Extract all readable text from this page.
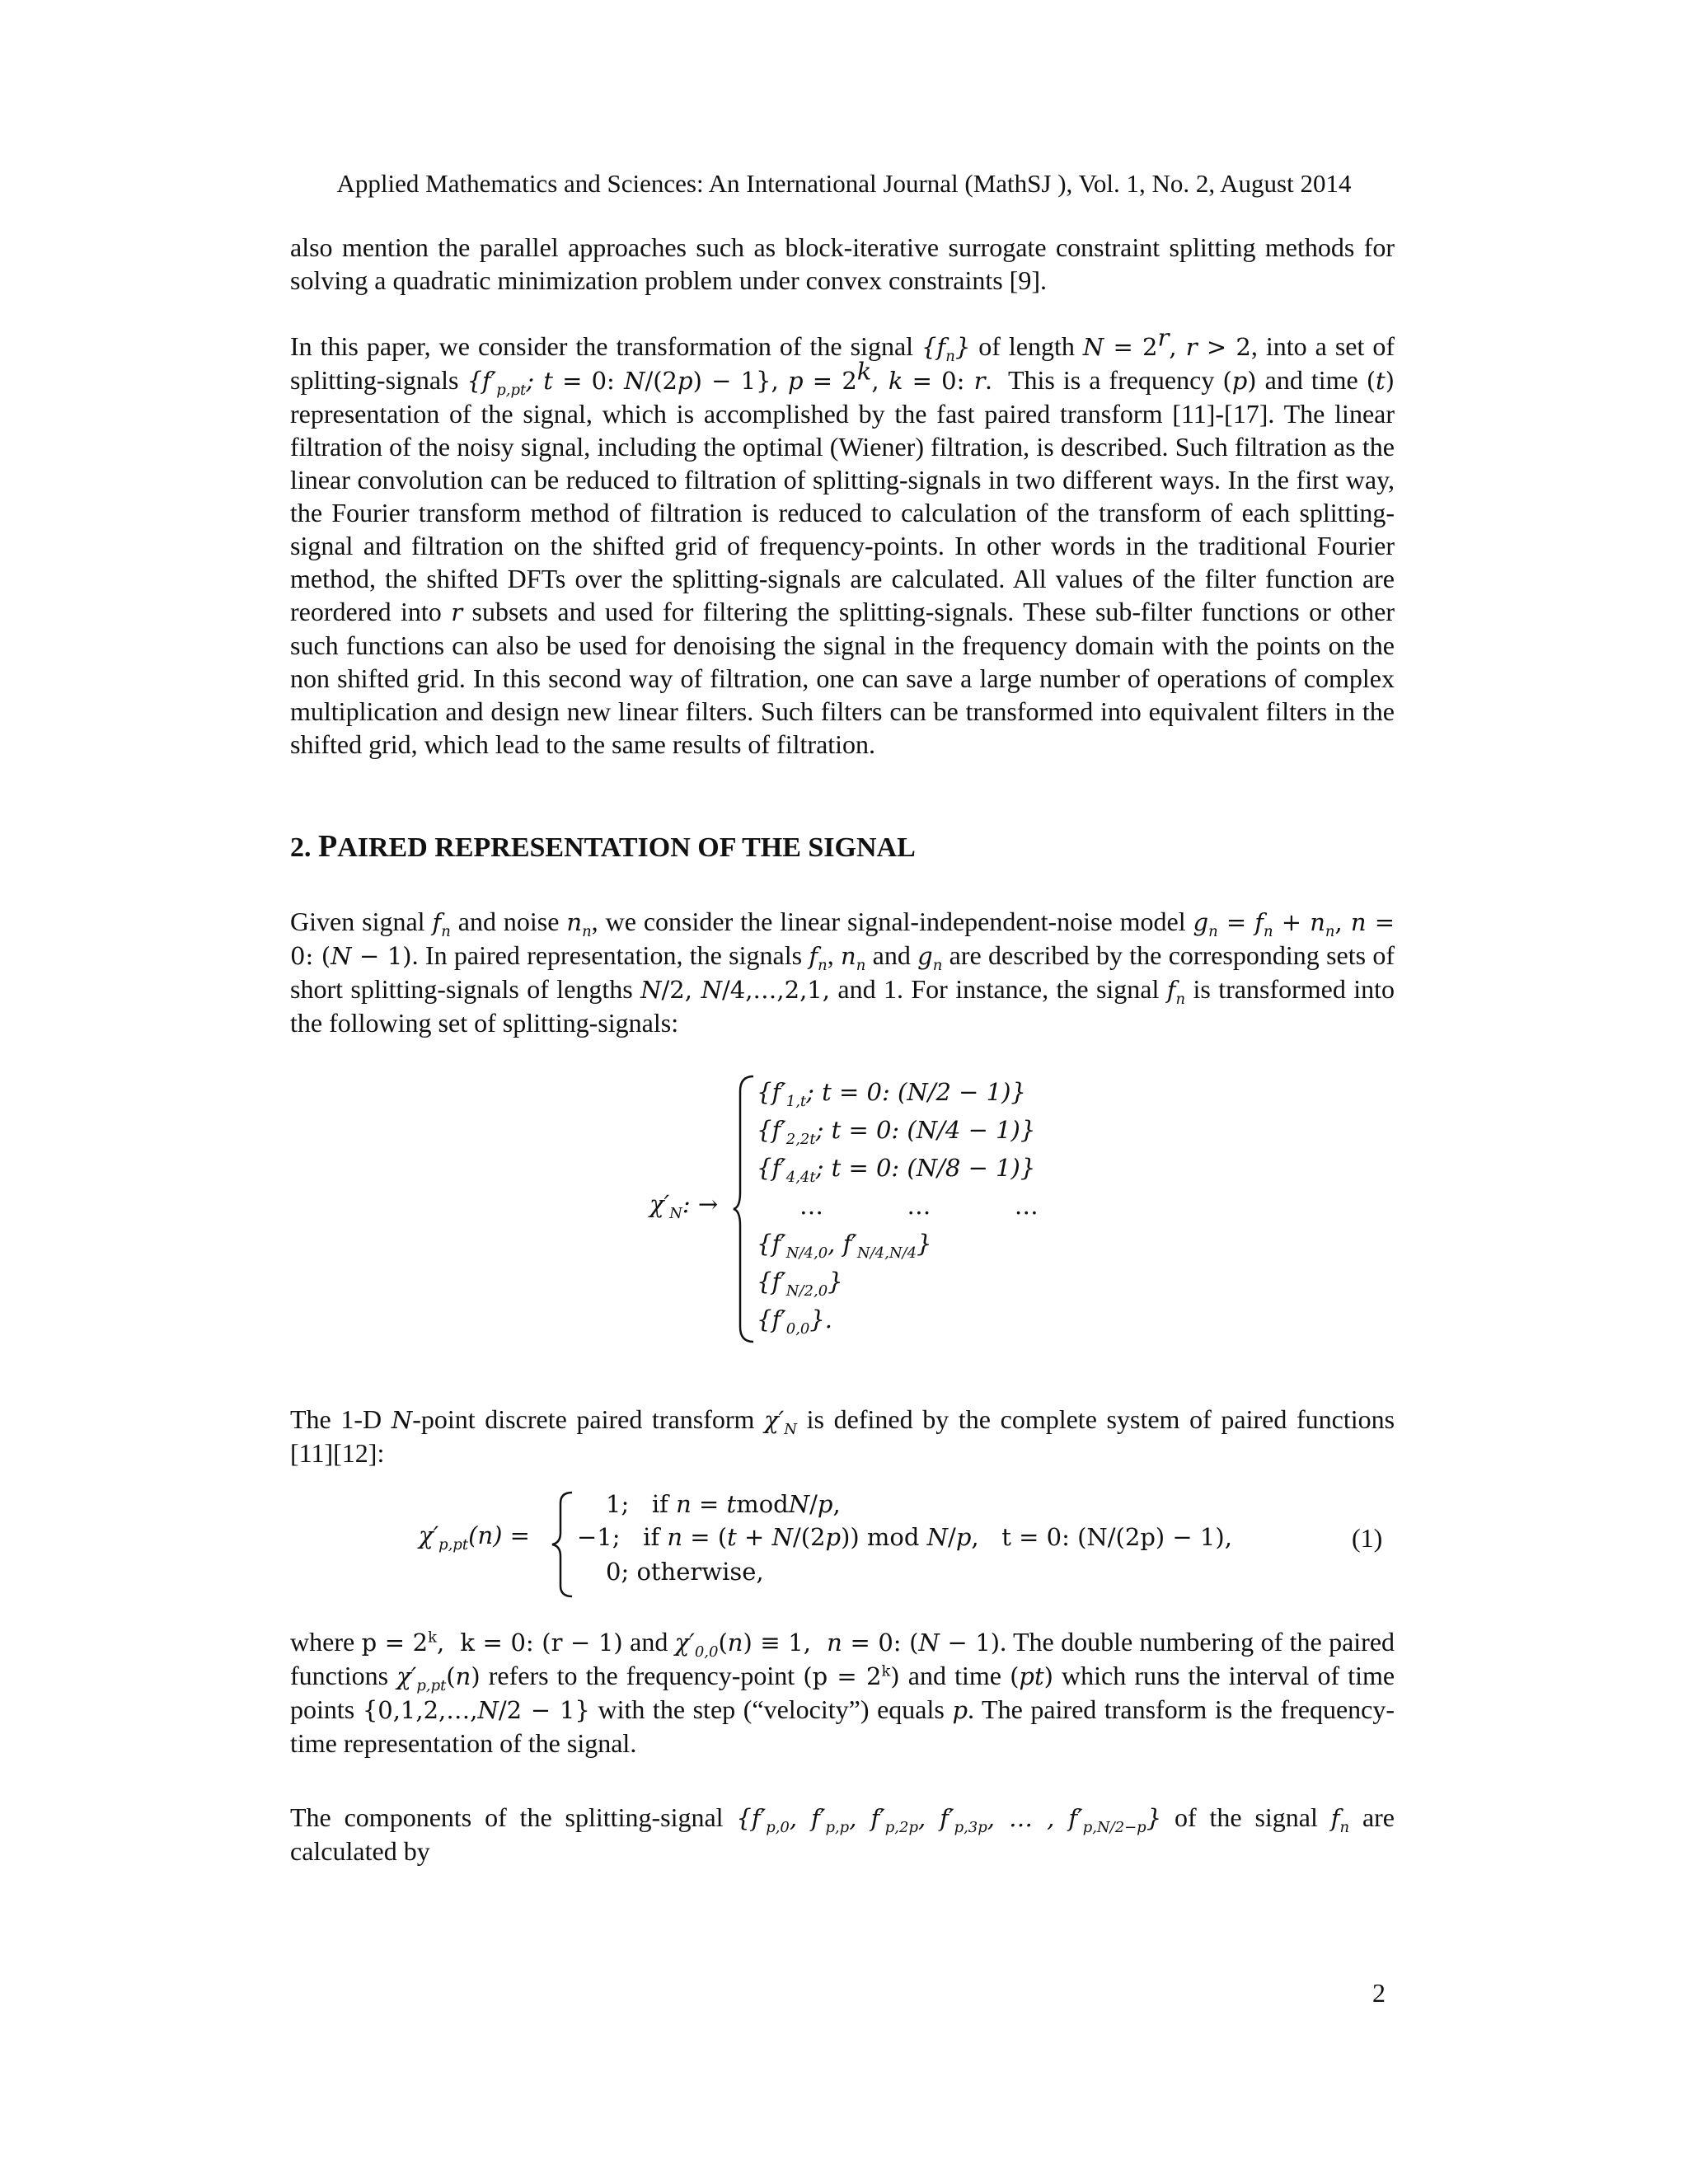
Applied Mathematics and Sciences: An International Journal (MathSJ ), Vol. 1, No. 2, August 2014

also mention the parallel approaches such as block-iterative surrogate constraint splitting methods for solving a quadratic minimization problem under convex constraints [9].

In this paper, we consider the transformation of the signal $\{f_n\}$ of length $N = 2^r$, r > 2, into a set of splitting-signals {$f'_{p,pt}$; t = 0: N/(2p) − 1}, $p = 2^k$, k = 0: r.  This is a frequency (p) and time (t) representation of the signal, which is accomplished by the fast paired transform [11]-[17]. The linear filtration of the noisy signal, including the optimal (Wiener) filtration, is described. Such filtration as the linear convolution can be reduced to filtration of splitting-signals in two different ways. In the first way, the Fourier transform method of filtration is reduced to calculation of the transform of each splitting-signal and filtration on the shifted grid of frequency-points. In other words in the traditional Fourier method, the shifted DFTs over the splitting-signals are calculated. All values of the filter function are reordered into r subsets and used for filtering the splitting-signals. These sub-filter functions or other such functions can also be used for denoising the signal in the frequency domain with the points on the non shifted grid. In this second way of filtration, one can save a large number of operations of complex multiplication and design new linear filters. Such filters can be transformed into equivalent filters in the shifted grid, which lead to the same results of filtration.

2. PAIRED REPRESENTATION OF THE SIGNAL

Given signal $f_n$ and noise $n_n$, we consider the linear signal-independent-noise model $g_n = f_n + n_n$, n = 0: (N − 1). In paired representation, the signals $f_n$, $n_n$ and $g_n$ are described by the corresponding sets of short splitting-signals of lengths N/2, N/4,…,2,1, and 1. For instance, the signal $f_n$ is transformed into the following set of splitting-signals:

$\chi'_N$: →
{$f'_{1,t}$; t = 0: (N/2 − 1)}
{$f'_{2,2t}$; t = 0: (N/4 − 1)}
{$f'_{4,4t}$; t = 0: (N/8 − 1)}
…           …           …
{$f'_{N/4,0}$, $f'_{N/4,N/4}$}
$\{f'_{N/2,0}\}$
$\{f'_{0,0}\}$.

The 1-D N-point discrete paired transform $\chi'_N$ is defined by the complete system of paired functions [11][12]:

$\chi'_{p,pt}(n)$ =
1;   if n = tmodN/p,
−1;   if n = (t + N/(2p)) mod N/p,   t = 0: (N/(2p) − 1),
0; otherwise,
(1)

where $p = 2^k$,  k = 0: (r − 1) and $\chi'_{0,0}(n) \equiv 1$,  n = 0: (N − 1). The double numbering of the paired functions $\chi'_{p,pt}(n)$ refers to the frequency-point $(p = 2^k)$ and time (pt) which runs the interval of time points {0,1,2,…,N/2 − 1} with the step (“velocity”) equals p. The paired transform is the frequency-time representation of the signal.

The components of the splitting-signal {$f'_{p,0}$, $f'_{p,p}$, $f'_{p,2p}$, $f'_{p,3p}$, … , $f'_{p,N/2-p}$} of the signal $f_n$ are calculated by

2
